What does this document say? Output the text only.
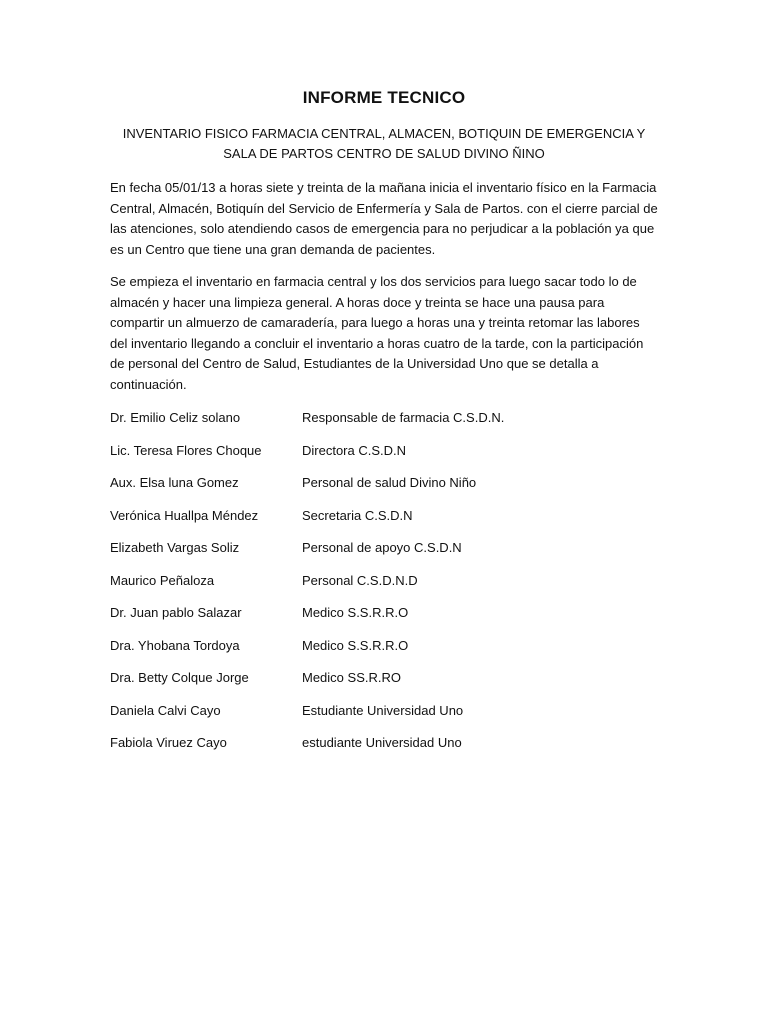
INFORME TECNICO
INVENTARIO FISICO FARMACIA CENTRAL, ALMACEN, BOTIQUIN DE EMERGENCIA Y
SALA DE PARTOS CENTRO DE SALUD DIVINO ÑINO

En fecha 05/01/13 a horas siete y treinta de la mañana inicia el inventario físico en la Farmacia Central, Almacén, Botiquín del Servicio de Enfermería y Sala de Partos. con el cierre parcial de las atenciones, solo atendiendo casos de emergencia para no perjudicar a la población ya que es un Centro que tiene una gran demanda de pacientes.

Se empieza el inventario en farmacia central y los dos servicios para luego sacar todo lo de almacén y hacer una limpieza general. A horas doce y treinta se hace una pausa para compartir un almuerzo de camaradería, para luego a horas una y treinta retomar las labores del inventario llegando a concluir el inventario a horas cuatro de la tarde, con la participación de personal del Centro de Salud, Estudiantes de la Universidad Uno que se detalla a continuación.

Dr. Emilio Celiz solano	Responsable de farmacia C.S.D.N.
Lic. Teresa Flores Choque	Directora C.S.D.N
Aux. Elsa luna Gomez	Personal de salud Divino Niño
Verónica Huallpa Méndez	Secretaria C.S.D.N
Elizabeth Vargas Soliz	Personal de apoyo C.S.D.N
Maurico Peñaloza	Personal C.S.D.N.D
Dr. Juan pablo Salazar	Medico S.S.R.R.O
Dra. Yhobana Tordoya	Medico S.S.R.R.O
Dra. Betty Colque Jorge	Medico SS.R.RO
Daniela Calvi Cayo	Estudiante Universidad Uno
Fabiola Viruez Cayo	estudiante Universidad Uno
